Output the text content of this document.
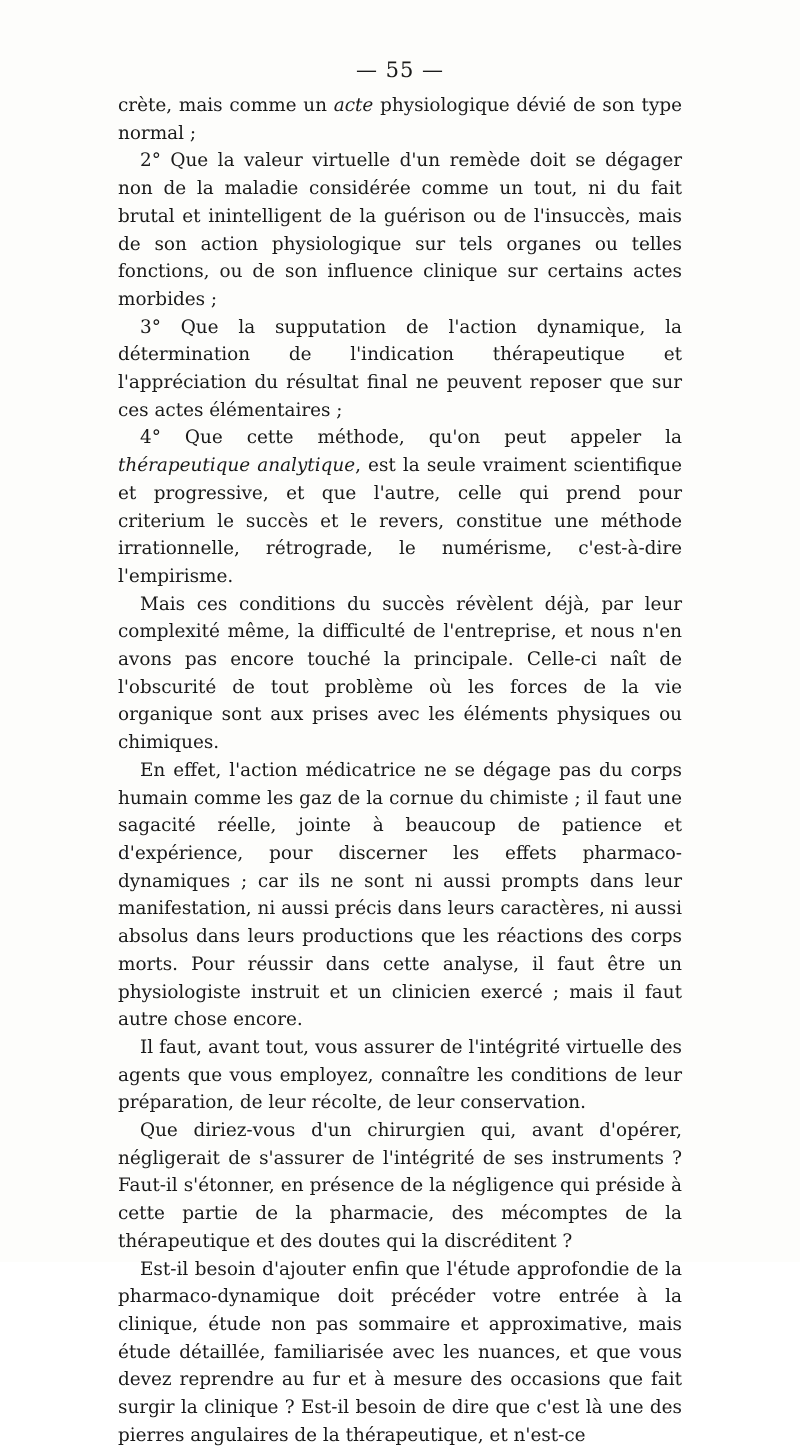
— 55 —

crète, mais comme un acte physiologique dévié de son type normal ;

2° Que la valeur virtuelle d'un remède doit se dégager non de la maladie considérée comme un tout, ni du fait brutal et inintelligent de la guérison ou de l'insuccès, mais de son action physiologique sur tels organes ou telles fonctions, ou de son influence clinique sur certains actes morbides ;

3° Que la supputation de l'action dynamique, la détermination de l'indication thérapeutique et l'appréciation du résultat final ne peuvent reposer que sur ces actes élémentaires ;

4° Que cette méthode, qu'on peut appeler la thérapeutique analytique, est la seule vraiment scientifique et progressive, et que l'autre, celle qui prend pour criterium le succès et le revers, constitue une méthode irrationnelle, rétrograde, le numérisme, c'est-à-dire l'empirisme.

Mais ces conditions du succès révèlent déjà, par leur complexité même, la difficulté de l'entreprise, et nous n'en avons pas encore touché la principale. Celle-ci naît de l'obscurité de tout problème où les forces de la vie organique sont aux prises avec les éléments physiques ou chimiques.

En effet, l'action médicatrice ne se dégage pas du corps humain comme les gaz de la cornue du chimiste ; il faut une sagacité réelle, jointe à beaucoup de patience et d'expérience, pour discerner les effets pharmaco-dynamiques ; car ils ne sont ni aussi prompts dans leur manifestation, ni aussi précis dans leurs caractères, ni aussi absolus dans leurs productions que les réactions des corps morts. Pour réussir dans cette analyse, il faut être un physiologiste instruit et un clinicien exercé ; mais il faut autre chose encore.

Il faut, avant tout, vous assurer de l'intégrité virtuelle des agents que vous employez, connaître les conditions de leur préparation, de leur récolte, de leur conservation.

Que diriez-vous d'un chirurgien qui, avant d'opérer, négligerait de s'assurer de l'intégrité de ses instruments ? Faut-il s'étonner, en présence de la négligence qui préside à cette partie de la pharmacie, des mécomptes de la thérapeutique et des doutes qui la discréditent ?

Est-il besoin d'ajouter enfin que l'étude approfondie de la pharmaco-dynamique doit précéder votre entrée à la clinique, étude non pas sommaire et approximative, mais étude détaillée, familiarisée avec les nuances, et que vous devez reprendre au fur et à mesure des occasions que fait surgir la clinique ? Est-il besoin de dire que c'est là une des pierres angulaires de la thérapeutique, et n'est-ce
